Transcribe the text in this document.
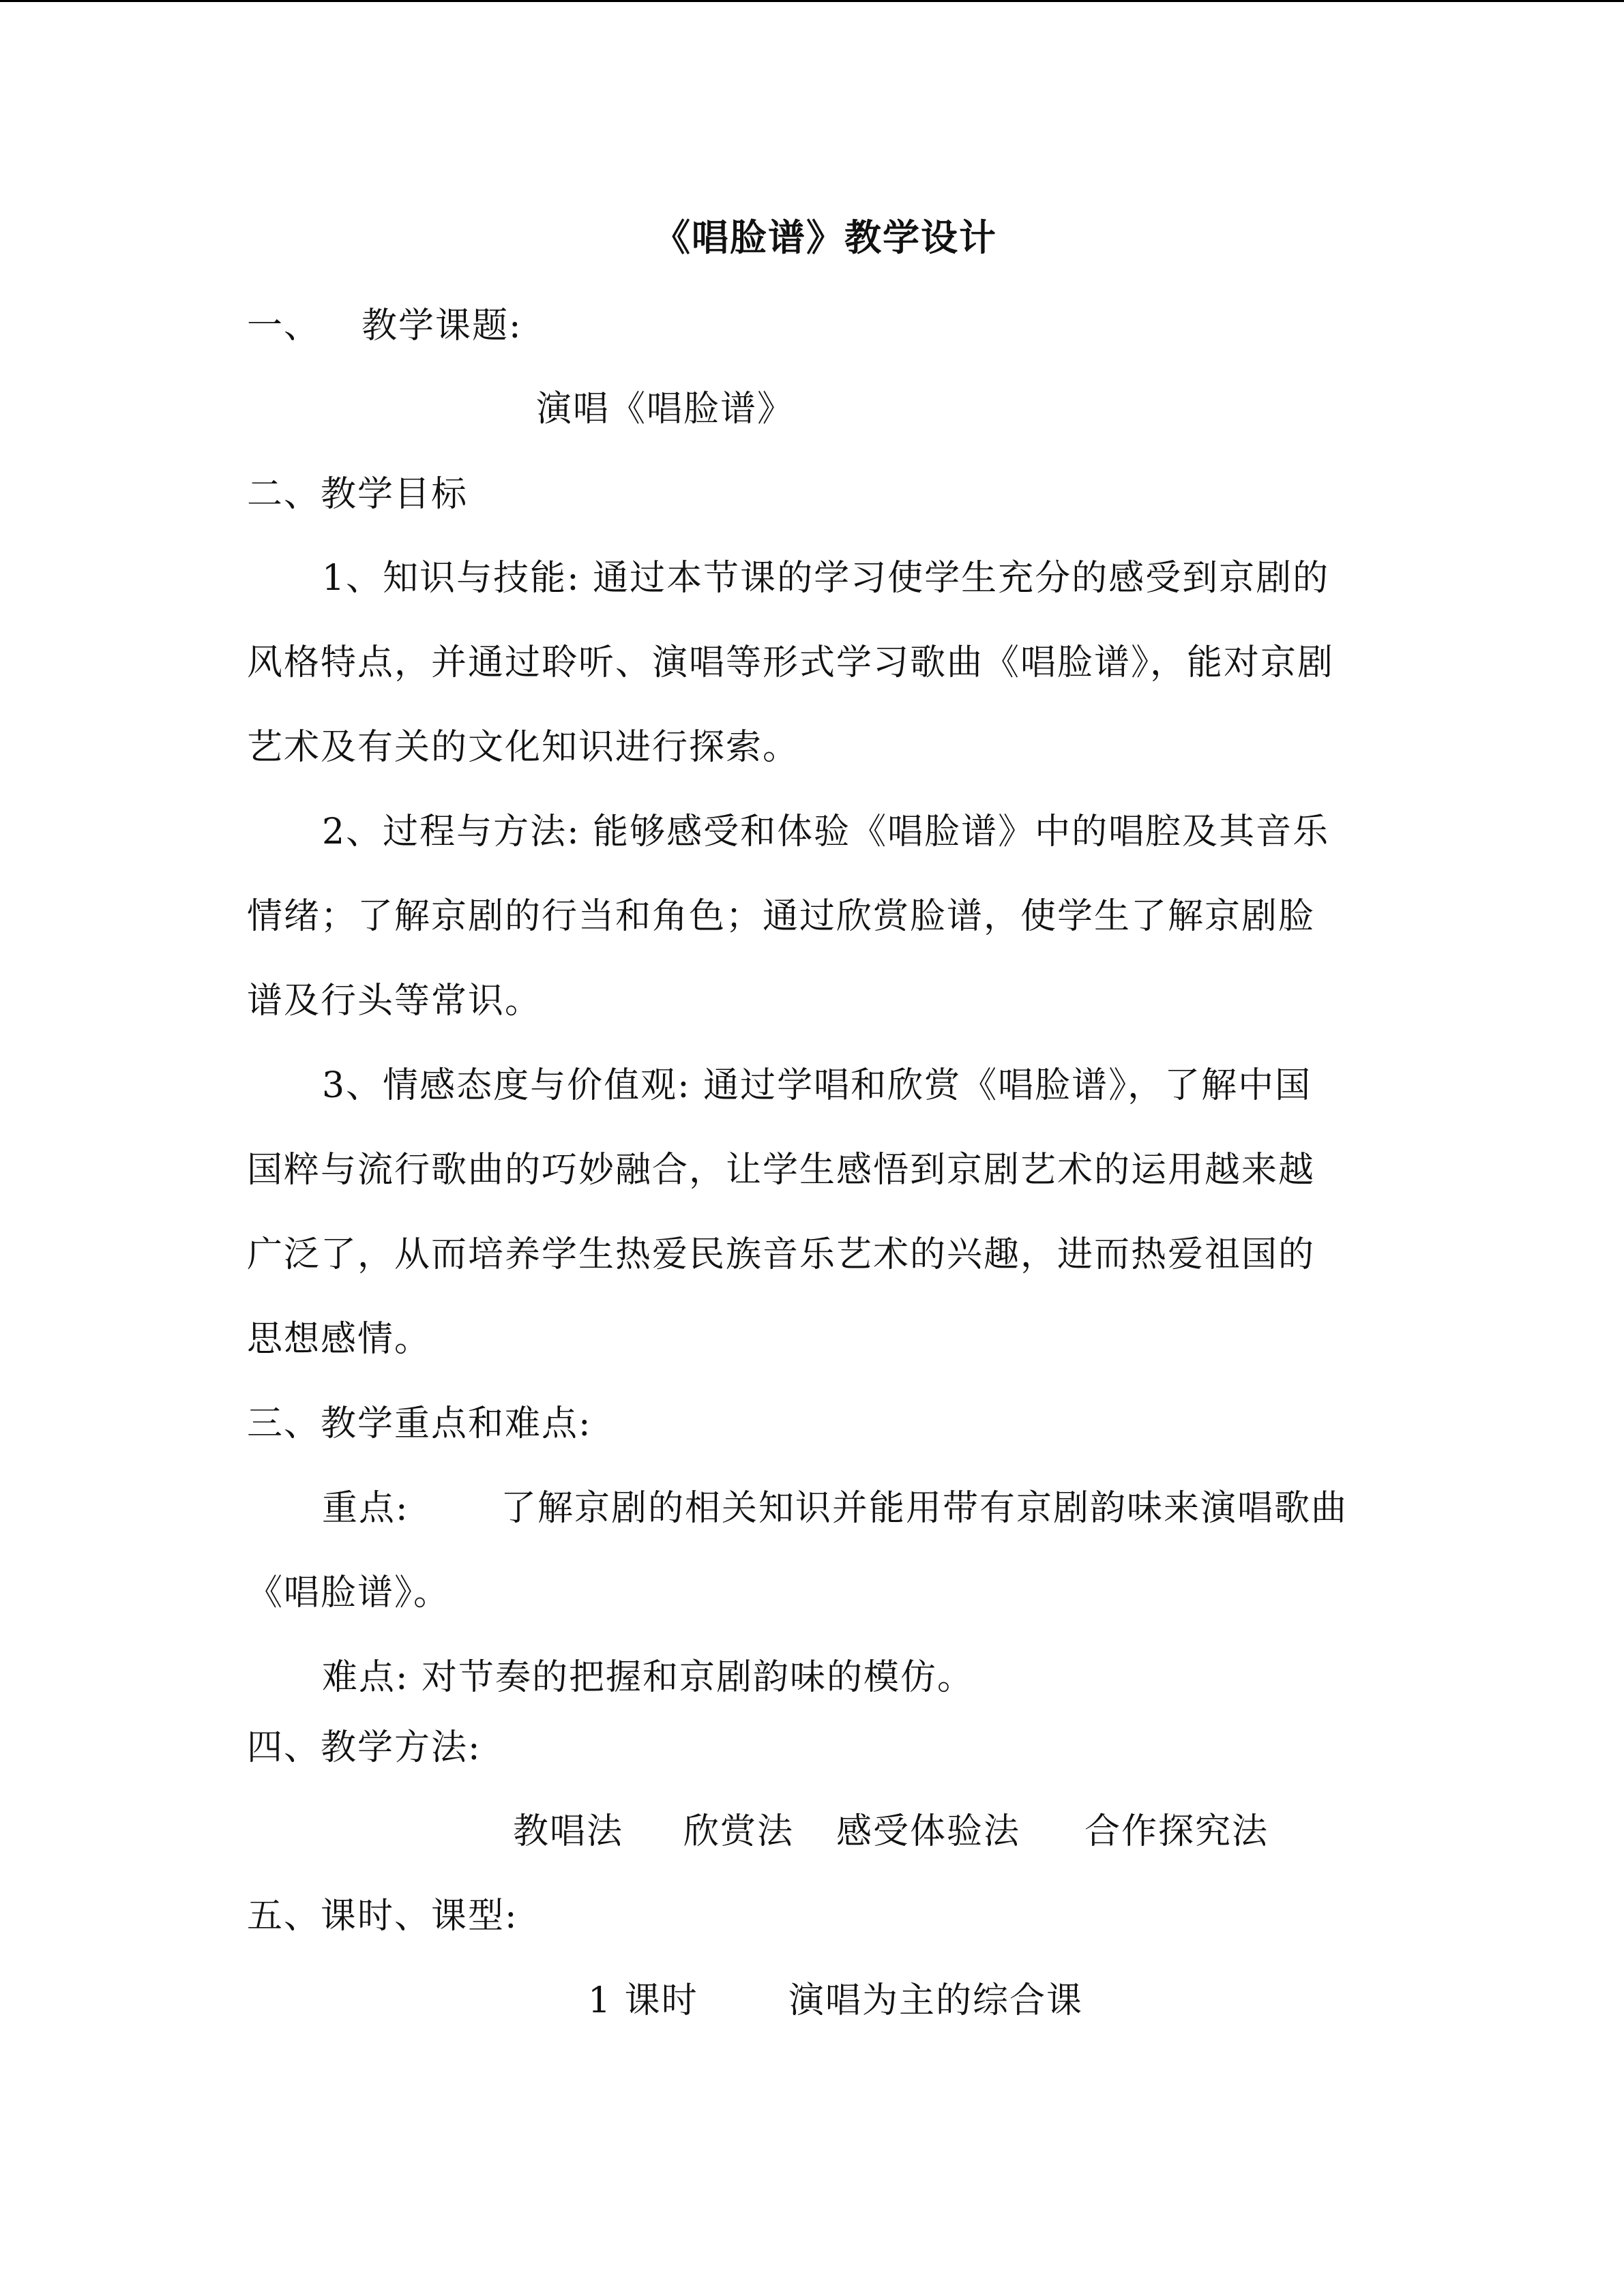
《唱脸谱》教学设计
一、 教学课题:
演唱《唱脸谱》
二、教学目标
1、知识与技能: 通过本节课的学习使学生充分的感受到京剧的
风格特点，并通过聆听、演唱等形式学习歌曲《唱脸谱》，能对京剧
艺术及有关的文化知识进行探索。
2、过程与方法: 能够感受和体验《唱脸谱》中的唱腔及其音乐
情绪；了解京剧的行当和角色；通过欣赏脸谱，使学生了解京剧脸
谱及行头等常识。
3、情感态度与价值观: 通过学唱和欣赏《唱脸谱》，了解中国
国粹与流行歌曲的巧妙融合，让学生感悟到京剧艺术的运用越来越
广泛了，从而培养学生热爱民族音乐艺术的兴趣，进而热爱祖国的
思想感情。
三、教学重点和难点:
重点:	了解京剧的相关知识并能用带有京剧韵味来演唱歌曲
《唱脸谱》。
难点: 对节奏的把握和京剧韵味的模仿。
四、教学方法:
教唱法 欣赏法 感受体验法 合作探究法
五、课时、课型:
1 课时	演唱为主的综合课
